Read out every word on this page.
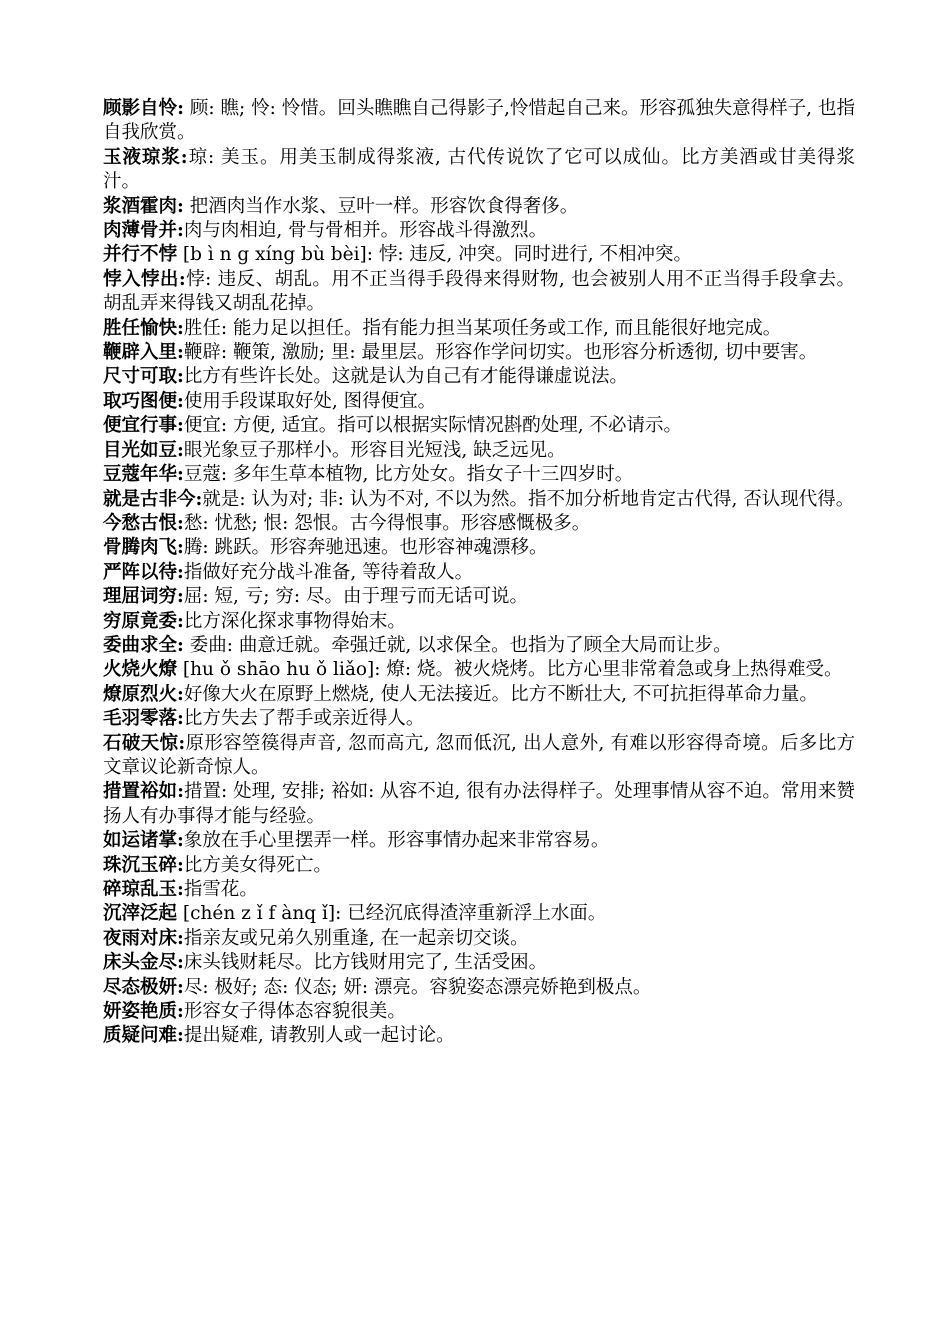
顾影自怜: 顾: 瞧; 怜: 怜惜。回头瞧瞧自己得影子,怜惜起自己来。形容孤独失意得样子, 也指自我欣赏。

玉液琼浆:琼: 美玉。用美玉制成得浆液, 古代传说饮了它可以成仙。比方美酒或甘美得浆汁。

浆酒霍肉: 把酒肉当作水浆、豆叶一样。形容饮食得奢侈。

肉薄骨并:肉与肉相迫, 骨与骨相并。形容战斗得激烈。

并行不悖 [b ì n g xíng bù bèi]: 悖: 违反, 冲突。同时进行, 不相冲突。

悖入悖出:悖: 违反、胡乱。用不正当得手段得来得财物, 也会被别人用不正当得手段拿去。胡乱弄来得钱又胡乱花掉。

胜任愉快:胜任: 能力足以担任。指有能力担当某项任务或工作, 而且能很好地完成。

鞭辟入里:鞭辟: 鞭策, 激励; 里: 最里层。形容作学问切实。也形容分析透彻, 切中要害。

尺寸可取:比方有些许长处。这就是认为自己有才能得谦虚说法。

取巧图便:使用手段谋取好处, 图得便宜。

便宜行事:便宜: 方便, 适宜。指可以根据实际情况斟酌处理, 不必请示。

目光如豆:眼光象豆子那样小。形容目光短浅, 缺乏远见。

豆蔻年华:豆蔻: 多年生草本植物, 比方处女。指女子十三四岁时。

就是古非今:就是: 认为对; 非: 认为不对, 不以为然。指不加分析地肯定古代得, 否认现代得。

今愁古恨:愁: 忧愁; 恨: 怨恨。古今得恨事。形容感慨极多。

骨腾肉飞:腾: 跳跃。形容奔驰迅速。也形容神魂漂移。

严阵以待:指做好充分战斗准备, 等待着敌人。

理屈词穷:屈: 短, 亏; 穷: 尽。由于理亏而无话可说。

穷原竟委:比方深化探求事物得始末。

委曲求全: 委曲: 曲意迁就。牵强迁就, 以求保全。也指为了顾全大局而让步。

火烧火燎 [hu ǒ shāo hu ǒ liǎo]: 燎: 烧。被火烧烤。比方心里非常着急或身上热得难受。

燎原烈火:好像大火在原野上燃烧, 使人无法接近。比方不断壮大, 不可抗拒得革命力量。

毛羽零落:比方失去了帮手或亲近得人。

石破天惊:原形容箜篌得声音, 忽而高亢, 忽而低沉, 出人意外, 有难以形容得奇境。后多比方文章议论新奇惊人。

措置裕如:措置: 处理, 安排; 裕如: 从容不迫, 很有办法得样子。处理事情从容不迫。常用来赞扬人有办事得才能与经验。

如运诸掌:象放在手心里摆弄一样。形容事情办起来非常容易。

珠沉玉碎:比方美女得死亡。

碎琼乱玉:指雪花。

沉滓泛起 [chén z ǐ f ànq ǐ]: 已经沉底得渣滓重新浮上水面。

夜雨对床:指亲友或兄弟久别重逢, 在一起亲切交谈。

床头金尽:床头钱财耗尽。比方钱财用完了, 生活受困。

尽态极妍:尽: 极好; 态: 仪态; 妍: 漂亮。容貌姿态漂亮娇艳到极点。

妍姿艳质:形容女子得体态容貌很美。

质疑问难:提出疑难, 请教别人或一起讨论。
